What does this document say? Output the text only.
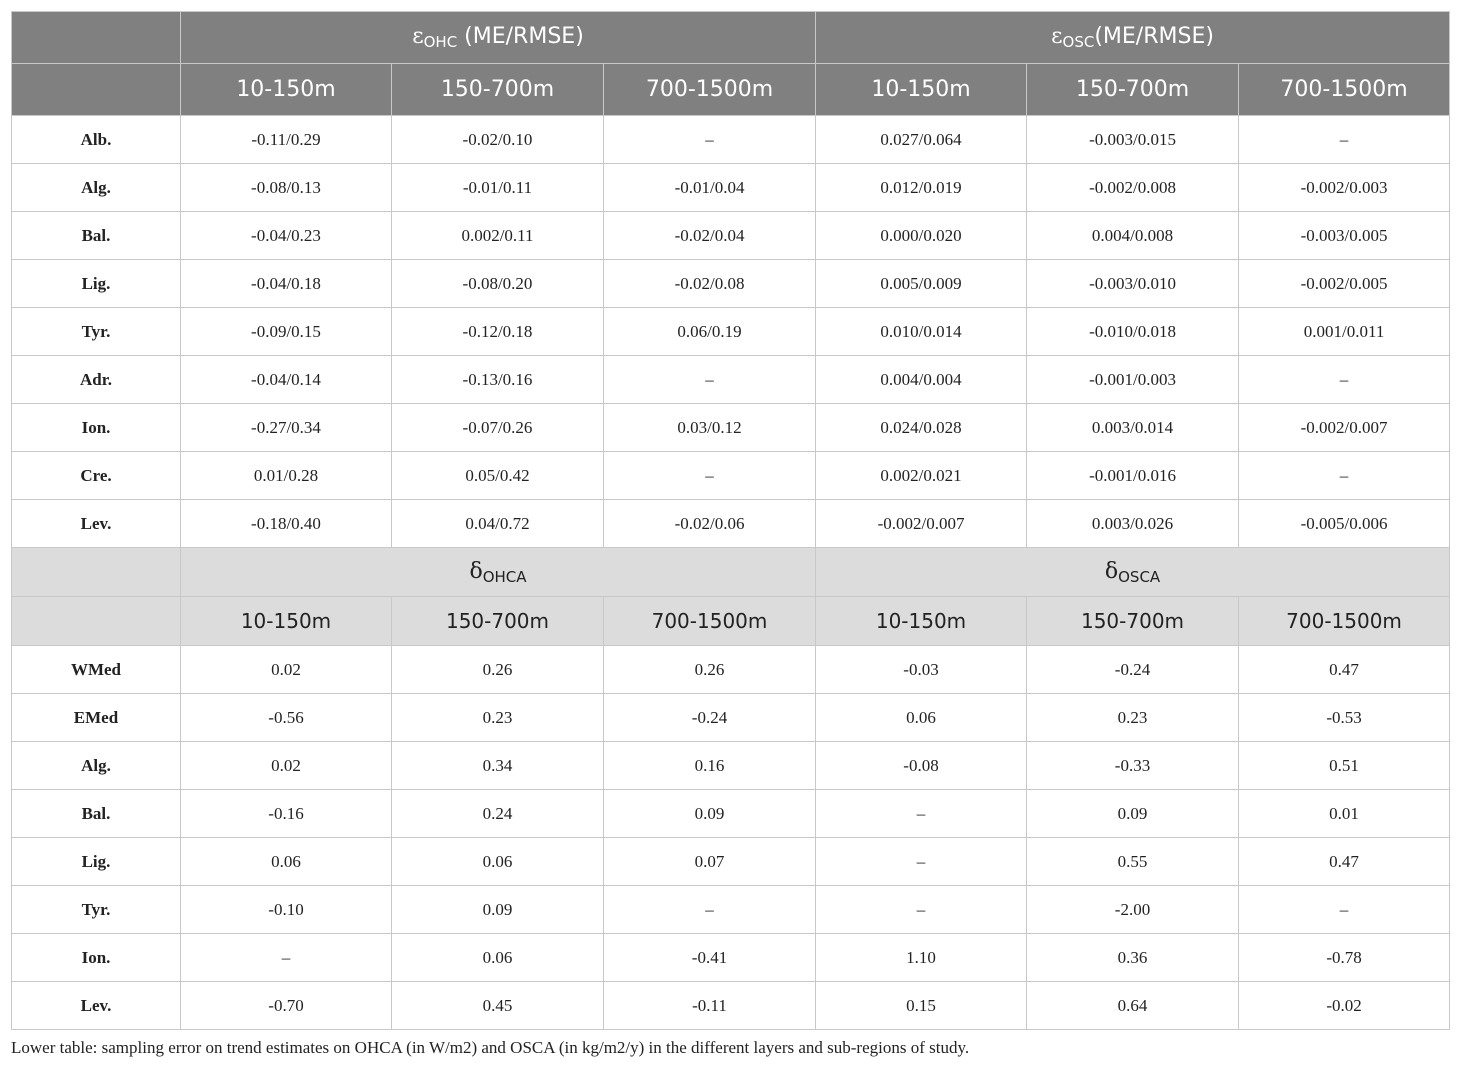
	$\varepsilon_{OHC}$ (ME/RMSE)			$\varepsilon_{OSC}(ME/RMSE)$		
	10-150m	150-700m	700-1500m	10-150m	150-700m	700-1500m
Alb.	-0.11/0.29	-0.02/0.10	–	0.027/0.064	-0.003/0.015	–
Alg.	-0.08/0.13	-0.01/0.11	-0.01/0.04	0.012/0.019	-0.002/0.008	-0.002/0.003
Bal.	-0.04/0.23	0.002/0.11	-0.02/0.04	0.000/0.020	0.004/0.008	-0.003/0.005
Lig.	-0.04/0.18	-0.08/0.20	-0.02/0.08	0.005/0.009	-0.003/0.010	-0.002/0.005
Tyr.	-0.09/0.15	-0.12/0.18	0.06/0.19	0.010/0.014	-0.010/0.018	0.001/0.011
Adr.	-0.04/0.14	-0.13/0.16	–	0.004/0.004	-0.001/0.003	–
Ion.	-0.27/0.34	-0.07/0.26	0.03/0.12	0.024/0.028	0.003/0.014	-0.002/0.007
Cre.	0.01/0.28	0.05/0.42	–	0.002/0.021	-0.001/0.016	–
Lev.	-0.18/0.40	0.04/0.72	-0.02/0.06	-0.002/0.007	0.003/0.026	-0.005/0.006
	$\delta_{OHCA}$			$\delta_{OSCA}$
	10-150m	150-700m	700-1500m	10-150m	150-700m	700-1500m
WMed	0.02	0.26	0.26	-0.03	-0.24	0.47
EMed	-0.56	0.23	-0.24	0.06	0.23	-0.53
Alg.	0.02	0.34	0.16	-0.08	-0.33	0.51
Bal.	-0.16	0.24	0.09	–	0.09	0.01
Lig.	0.06	0.06	0.07	–	0.55	0.47
Tyr.	-0.10	0.09	–	–	-2.00	–
Ion.	–	0.06	-0.41	1.10	0.36	-0.78
Lev.	-0.70	0.45	-0.11	0.15	0.64	-0.02

Lower table: sampling error on trend estimates on OHCA (in W/m2) and OSCA (in kg/m2/y) in the different layers and sub-regions of study.
